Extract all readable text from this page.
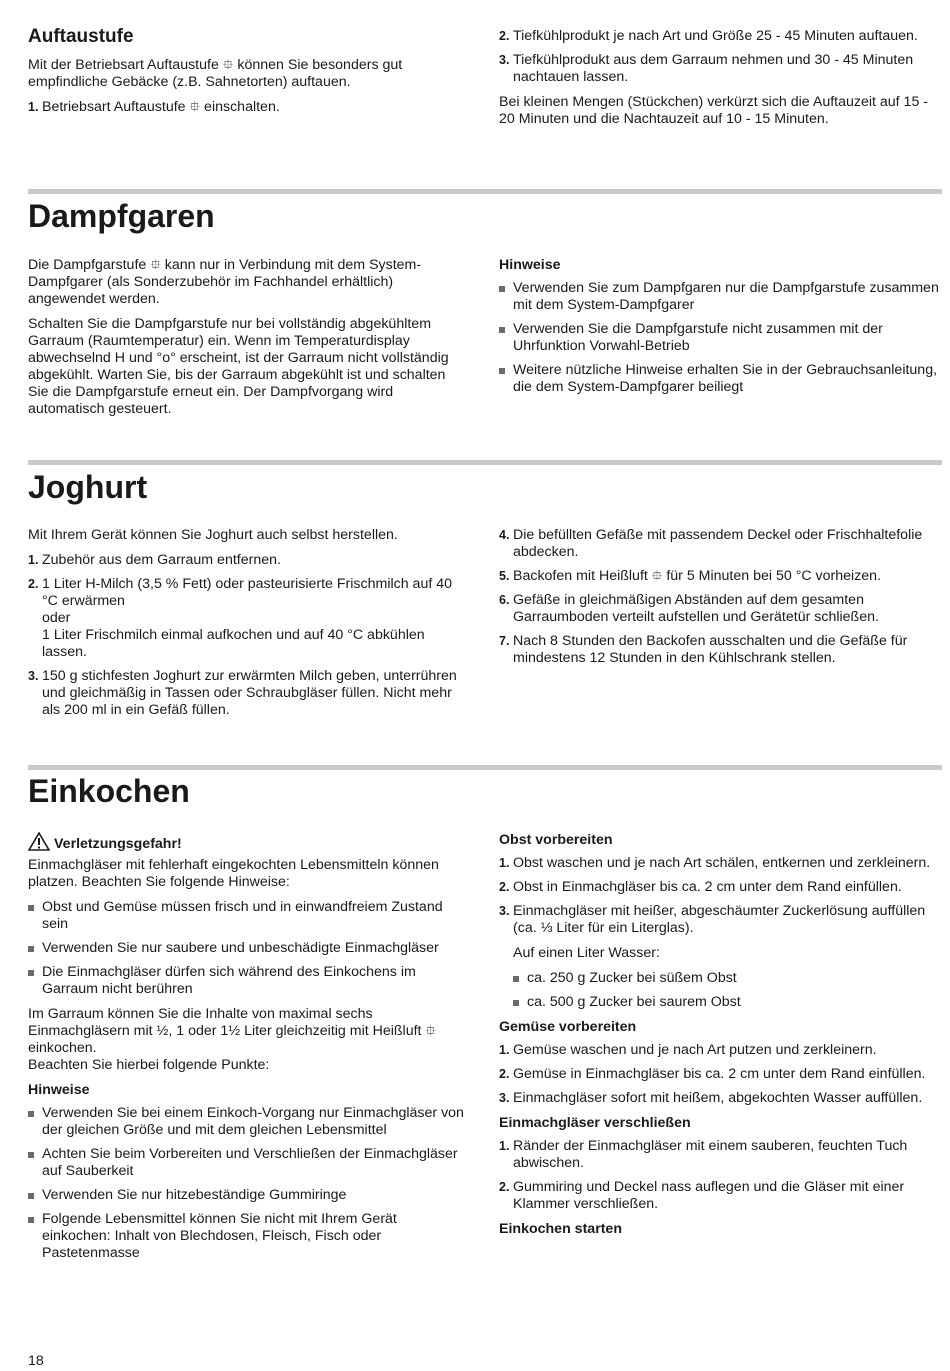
Auftaustufe

Mit der Betriebsart Auftaustufe ⯐ können Sie besonders gut empfindliche Gebäcke (z.B. Sahnetorten) auftauen.

1. Betriebsart Auftaustufe ⯐ einschalten.
2. Tiefkühlprodukt je nach Art und Größe 25 - 45 Minuten auftauen.
3. Tiefkühlprodukt aus dem Garraum nehmen und 30 - 45 Minuten nachtauen lassen.

Bei kleinen Mengen (Stückchen) verkürzt sich die Auftauzeit auf 15 - 20 Minuten und die Nachtauzeit auf 10 - 15 Minuten.

Dampfgaren

Die Dampfgarstufe ⯐ kann nur in Verbindung mit dem System-Dampfgarer (als Sonderzubehör im Fachhandel erhältlich) angewendet werden.

Schalten Sie die Dampfgarstufe nur bei vollständig abgekühltem Garraum (Raumtemperatur) ein. Wenn im Temperaturdisplay abwechselnd H und °o° erscheint, ist der Garraum nicht vollständig abgekühlt. Warten Sie, bis der Garraum abgekühlt ist und schalten Sie die Dampfgarstufe erneut ein. Der Dampfvorgang wird automatisch gesteuert.

Hinweise
Verwenden Sie zum Dampfgaren nur die Dampfgarstufe zusammen mit dem System-Dampfgarer
Verwenden Sie die Dampfgarstufe nicht zusammen mit der Uhrfunktion Vorwahl-Betrieb
Weitere nützliche Hinweise erhalten Sie in der Gebrauchsanleitung, die dem System-Dampfgarer beiliegt
Joghurt

Mit Ihrem Gerät können Sie Joghurt auch selbst herstellen.

1. Zubehör aus dem Garraum entfernen.
2. 1 Liter H-Milch (3,5 % Fett) oder pasteurisierte Frischmilch auf 40 °C erwärmen
oder
1 Liter Frischmilch einmal aufkochen und auf 40 °C abkühlen lassen.
3. 150 g stichfesten Joghurt zur erwärmten Milch geben, unterrühren und gleichmäßig in Tassen oder Schraubgläser füllen. Nicht mehr als 200 ml in ein Gefäß füllen.
4. Die befüllten Gefäße mit passendem Deckel oder Frischhaltefolie abdecken.
5. Backofen mit Heißluft ⯐ für 5 Minuten bei 50 °C vorheizen.
6. Gefäße in gleichmäßigen Abständen auf dem gesamten Garraumboden verteilt aufstellen und Gerätetür schließen.
7. Nach 8 Stunden den Backofen ausschalten und die Gefäße für mindestens 12 Stunden in den Kühlschrank stellen.
Einkochen
Verletzungsgefahr!

Einmachgläser mit fehlerhaft eingekochten Lebensmitteln können platzen. Beachten Sie folgende Hinweise:

Obst und Gemüse müssen frisch und in einwandfreiem Zustand sein
Verwenden Sie nur saubere und unbeschädigte Einmachgläser
Die Einmachgläser dürfen sich während des Einkochens im Garraum nicht berühren

Im Garraum können Sie die Inhalte von maximal sechs Einmachgläsern mit ½, 1 oder 1½ Liter gleichzeitig mit Heißluft ⯐ einkochen.
Beachten Sie hierbei folgende Punkte:

Hinweise
Verwenden Sie bei einem Einkoch-Vorgang nur Einmachgläser von der gleichen Größe und mit dem gleichen Lebensmittel
Achten Sie beim Vorbereiten und Verschließen der Einmachgläser auf Sauberkeit
Verwenden Sie nur hitzebeständige Gummiringe
Folgende Lebensmittel können Sie nicht mit Ihrem Gerät einkochen: Inhalt von Blechdosen, Fleisch, Fisch oder Pastetenmasse
Obst vorbereiten
1. Obst waschen und je nach Art schälen, entkernen und zerkleinern.
2. Obst in Einmachgläser bis ca. 2 cm unter dem Rand einfüllen.
3. Einmachgläser mit heißer, abgeschäumter Zuckerlösung auffüllen (ca. ⅓ Liter für ein Literglas).

Auf einen Liter Wasser:

ca. 250 g Zucker bei süßem Obst
ca. 500 g Zucker bei saurem Obst
Gemüse vorbereiten
1. Gemüse waschen und je nach Art putzen und zerkleinern.
2. Gemüse in Einmachgläser bis ca. 2 cm unter dem Rand einfüllen.
3. Einmachgläser sofort mit heißem, abgekochten Wasser auffüllen.
Einmachgläser verschließen
1. Ränder der Einmachgläser mit einem sauberen, feuchten Tuch abwischen.
2. Gummiring und Deckel nass auflegen und die Gläser mit einer Klammer verschließen.
Einkochen starten
18
